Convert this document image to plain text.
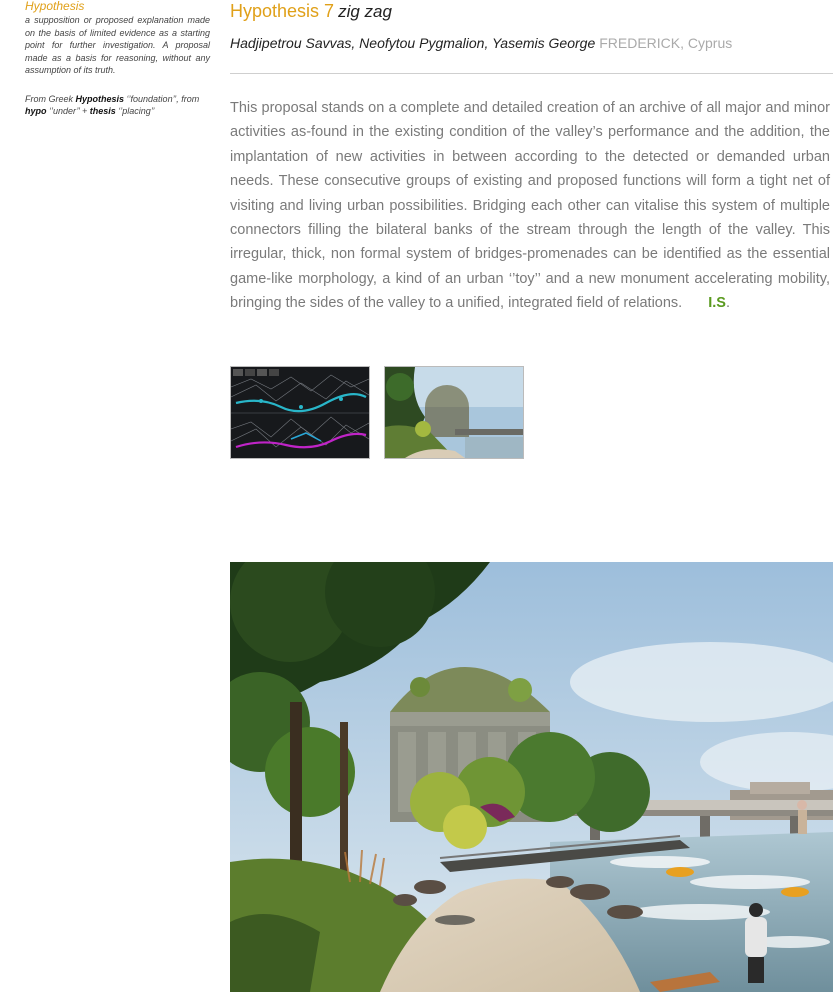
Hypothesis

a supposition or proposed explanation made on the basis of limited evidence as a starting point for further investigation. A proposal made as a basis for reasoning, without any assumption of its truth.

From Greek Hypothesis ‘’foundation’’, from hypo ‘’under’’ + thesis ‘’placing’’

Hypothesis 7 zig zag
Hadjipetrou Savvas, Neofytou Pygmalion, Yasemis George FREDERICK, Cyprus

This proposal stands on a complete and detailed creation of an archive of all major and minor activities as-found in the existing condition of the valley’s performance and the addition, the implantation of new activities in between according to the detected or demanded urban needs. These consecutive groups of existing and proposed functions will form a tight net of visiting and living urban possibilities. Bridging each other can vitalise this system of multiple connectors filling the bilateral banks of the stream through the length of the valley. This irregular, thick, non formal system of bridges-promenades can be identified as the essential game-like morphology, a kind of an urban ‘’toy’’ and a new monument accelerating mobility, bringing the sides of the valley to a unified, integrated field of relations. I.S.
